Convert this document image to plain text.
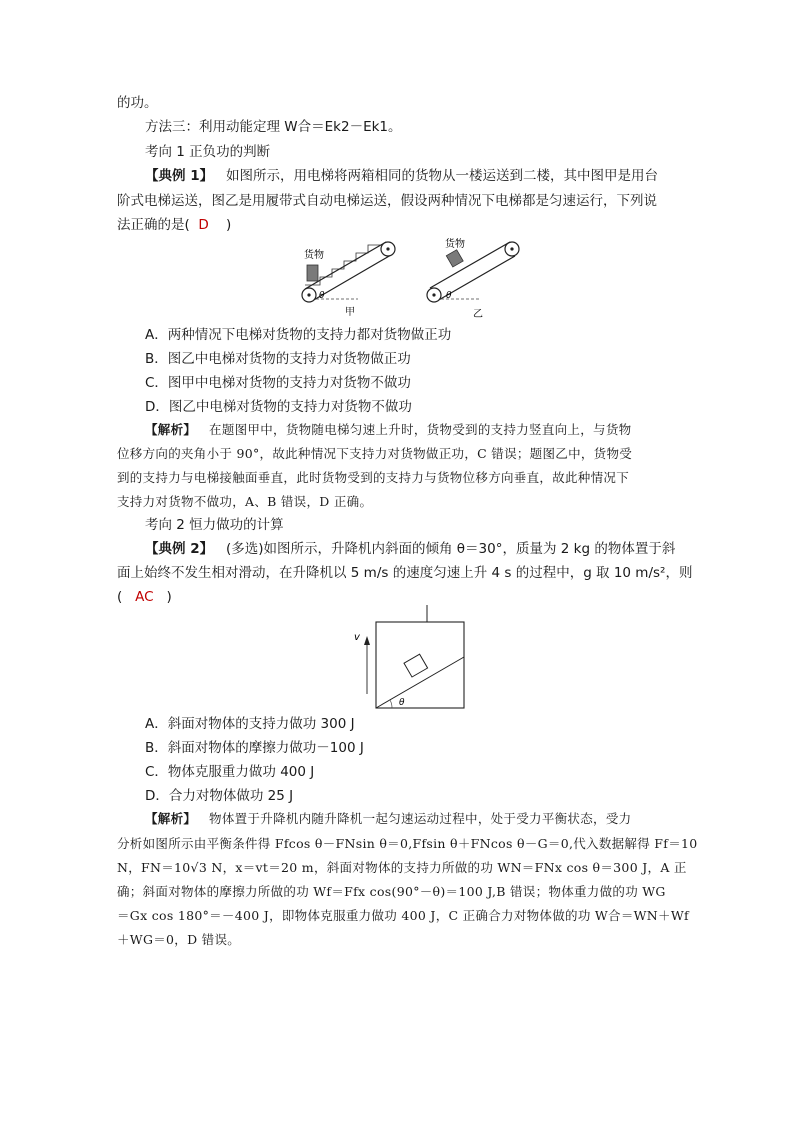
的功。
方法三：利用动能定理 W合＝Ek2－Ek1。
考向 1 正负功的判断
【典例 1】 如图所示，用电梯将两箱相同的货物从一楼运送到二楼，其中图甲是用台
阶式电梯运送，图乙是用履带式自动电梯运送，假设两种情况下电梯都是匀速运行，下列说
法正确的是( D )
货物
θ
甲
货物
θ
乙
A．两种情况下电梯对货物的支持力都对货物做正功
B．图乙中电梯对货物的支持力对货物做正功
C．图甲中电梯对货物的支持力对货物不做功
D．图乙中电梯对货物的支持力对货物不做功
【解析】 在题图甲中，货物随电梯匀速上升时，货物受到的支持力竖直向上，与货物
位移方向的夹角小于 90°，故此种情况下支持力对货物做正功，C 错误；题图乙中，货物受
到的支持力与电梯接触面垂直，此时货物受到的支持力与货物位移方向垂直，故此种情况下
支持力对货物不做功，A、B 错误，D 正确。
考向 2 恒力做功的计算
【典例 2】 (多选)如图所示，升降机内斜面的倾角 θ＝30°，质量为 2 kg 的物体置于斜
面上始终不发生相对滑动，在升降机以 5 m/s 的速度匀速上升 4 s 的过程中，g 取 10 m/s²，则
( AC )
v
θ
A．斜面对物体的支持力做功 300 J
B．斜面对物体的摩擦力做功－100 J
C．物体克服重力做功 400 J
D．合力对物体做功 25 J
【解析】 物体置于升降机内随升降机一起匀速运动过程中，处于受力平衡状态，受力
分析如图所示由平衡条件得 Ffcos θ－FNsin θ＝0,Ffsin θ＋FNcos θ－G＝0,代入数据解得 Ff＝10
N，FN＝10√3 N，x＝vt＝20 m，斜面对物体的支持力所做的功 WN＝FNx cos θ＝300 J，A 正
确；斜面对物体的摩擦力所做的功 Wf＝Ffx cos(90°－θ)＝100 J,B 错误；物体重力做的功 WG
＝Gx cos 180°＝－400 J，即物体克服重力做功 400 J，C 正确合力对物体做的功 W合＝WN＋Wf
＋WG＝0，D 错误。
